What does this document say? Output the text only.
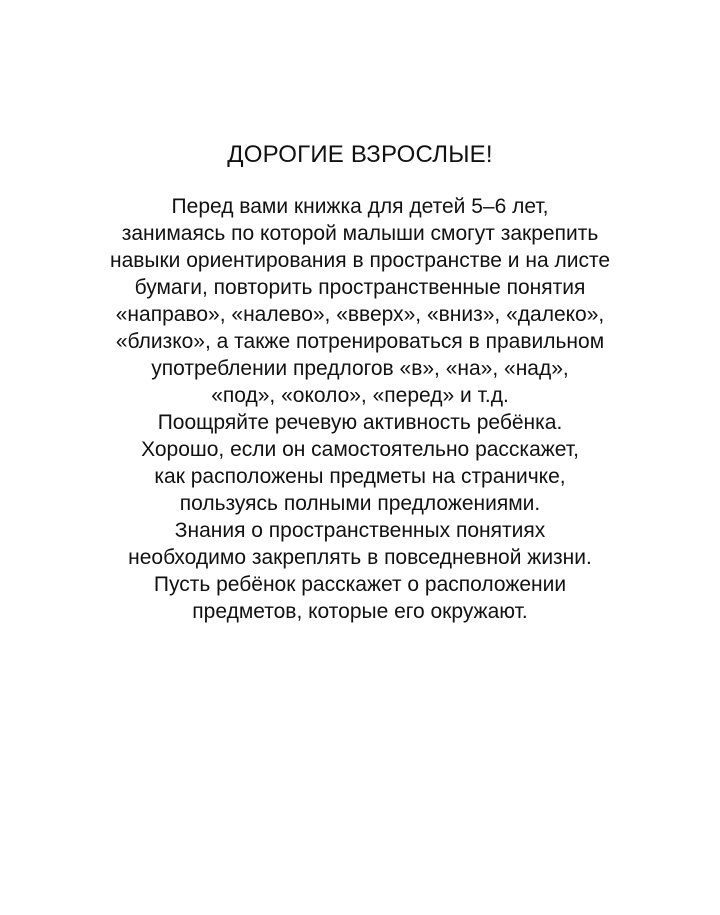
ДОРОГИЕ ВЗРОСЛЫЕ!
Перед вами книжка для детей 5–6 лет,
занимаясь по которой малыши смогут закрепить
навыки ориентирования в пространстве и на листе
бумаги, повторить пространственные понятия
«направо», «налево», «вверх», «вниз», «далеко»,
«близко», а также потренироваться в правильном
употреблении предлогов «в», «на», «над»,
«под», «около», «перед» и т.д.
Поощряйте речевую активность ребёнка.
Хорошо, если он самостоятельно расскажет,
как расположены предметы на страничке,
пользуясь полными предложениями.
Знания о пространственных понятиях
необходимо закреплять в повседневной жизни.
Пусть ребёнок расскажет о расположении
предметов, которые его окружают.
